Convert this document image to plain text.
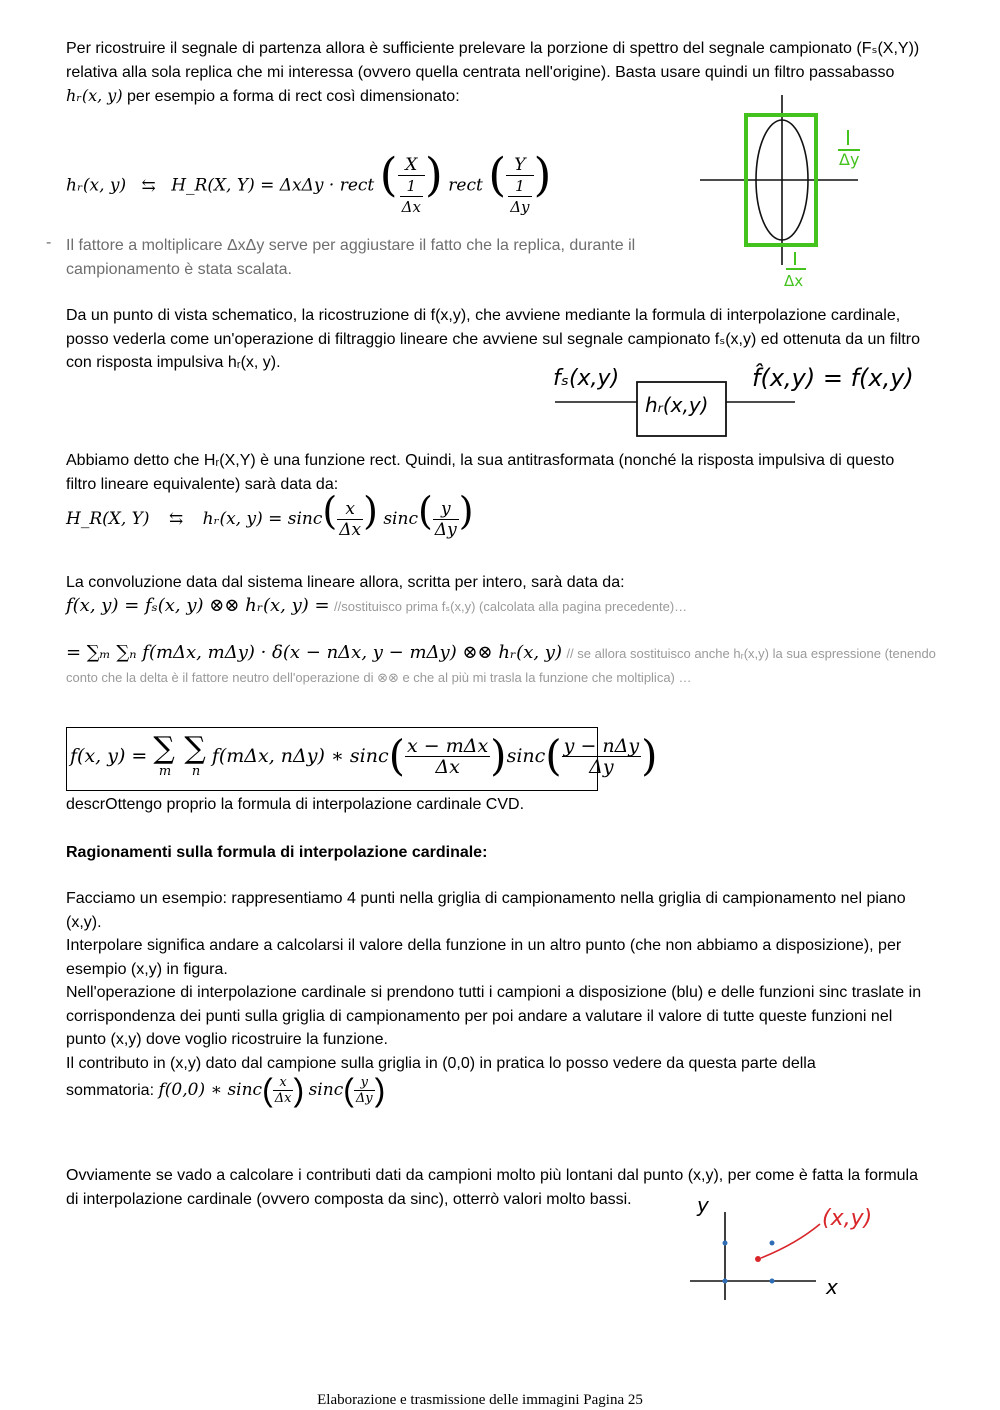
Per ricostruire il segnale di partenza allora è sufficiente prelevare la porzione di spettro del segnale campionato (Fₛ(X,Y)) relativa alla sola replica che mi interessa (ovvero quella centrata nell'origine). Basta usare quindi un filtro passabasso hᵣ(x, y) per esempio a forma di rect così dimensionato:
hᵣ(x, y) ⇆ H_R(X, Y) = ΔxΔy · rect ( $\frac{X}{\frac{1}{\Delta x}}$ ) rect ( $\frac{Y}{\frac{1}{\Delta y}}$ )
- Il fattore a moltiplicare ΔxΔy serve per aggiustare il fatto che la replica, durante il campionamento è stata scalata.
Δy
Δx
Da un punto di vista schematico, la ricostruzione di f(x,y), che avviene mediante la formula di interpolazione cardinale, posso vederla come un'operazione di filtraggio lineare che avviene sul segnale campionato fₛ(x,y) ed ottenuta da un filtro con risposta impulsiva hᵣ(x, y).
fₛ(x,y)
hᵣ(x,y)
f̂(x,y) = f(x,y)
Abbiamo detto che Hᵣ(X,Y) è una funzione rect. Quindi, la sua antitrasformata (nonché la risposta impulsiva di questo filtro lineare equivalente) sarà data da:
H_R(X, Y) ⇆ hᵣ(x, $y) = \sin c( \frac{x}{\Delta x}$ ) $\sin c( \frac{y}{\Delta y}$ )
La convoluzione data dal sistema lineare allora, scritta per intero, sarà data da:
f(x, y) = fₛ(x, y) ⊗⊗ hᵣ(x, y) = //sostituisco prima fₛ(x,y) (calcolata alla pagina precedente)…
= ∑ₘ ∑ₙ f(mΔx, mΔy) · δ(x − nΔx, y − mΔy) ⊗⊗ hᵣ(x, y) // se allora sostituisco anche hᵣ(x,y) la sua espressione (tenendo conto che la delta è il fattore neutro dell'operazione di ⊗⊗ e che al più mi trasla la funzione che moltiplica) …
f(x, y) = ∑ ∑
m n
f(mΔx, nΔy) ∗ $\sin c( \frac{\text{x − mΔx}}{\Delta x} )\sin c( \frac{\text{y − nΔy}}{\Delta y}$ )
descrOttengo proprio la formula di interpolazione cardinale CVD.
Ragionamenti sulla formula di interpolazione cardinale:
Facciamo un esempio: rappresentiamo 4 punti nella griglia di campionamento nella griglia di campionamento nel piano (x,y).
Interpolare significa andare a calcolarsi il valore della funzione in un altro punto (che non abbiamo a disposizione), per esempio (x,y) in figura.
Nell'operazione di interpolazione cardinale si prendono tutti i campioni a disposizione (blu) e delle funzioni sinc traslate in corrispondenza dei punti sulla griglia di campionamento per poi andare a valutare il valore di tutte queste funzioni nel punto (x,y) dove voglio ricostruire la funzione.
Il contributo in (x,y) dato dal campione sulla griglia in (0,0) in pratica lo posso vedere da questa parte della
sommatoria: f(0,0) ∗ $\sin c( \frac{x}{\Delta x}$ ) $\sin c( \frac{y}{\Delta y}$ )
Ovviamente se vado a calcolare i contributi dati da campioni molto più lontani dal punto (x,y), per come è fatta la formula di interpolazione cardinale (ovvero composta da sinc), otterrò valori molto bassi.	y
x
(x,y)
Elaborazione e trasmissione delle immagini Pagina 25
